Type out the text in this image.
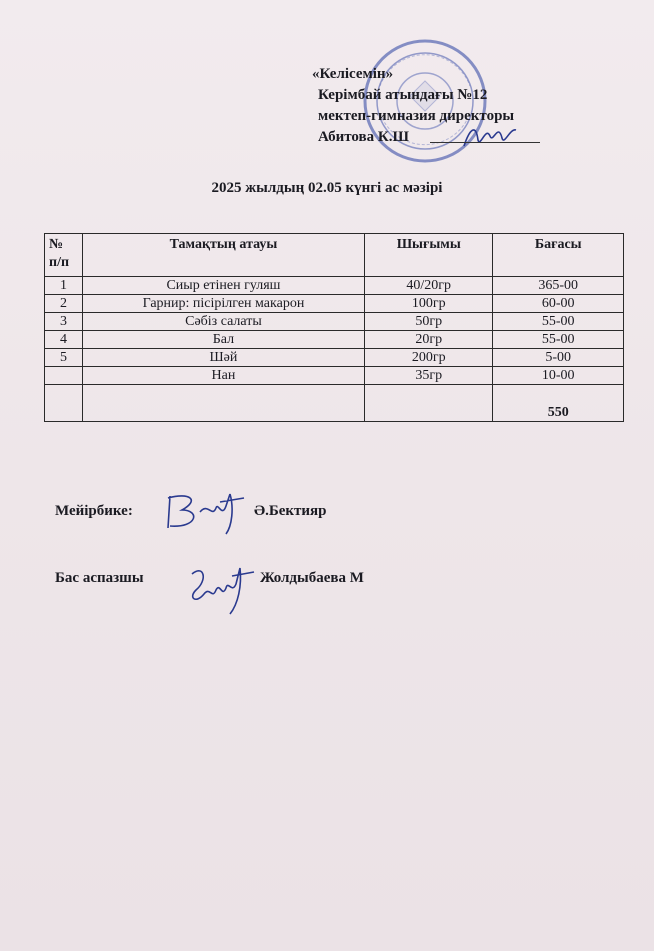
«Келісемін»
Керімбай атындағы №12
мектеп-гимназия директоры
Абитова К.Ш
2025 жылдың 02.05 күнгі ас мәзірі
№ п/п	Тамақтың атауы	Шығымы	Бағасы
1	Сиыр етінен гуляш	40/20гр	365-00
2	Гарнир: пісірілген макарон	100гр	60-00
3	Сәбіз салаты	50гр	55-00
4	Бал	20гр	55-00
5	Шәй	200гр	5-00
	Нан	35гр	10-00
			550
Мейірбике:	Ә.Бектияр
Бас аспазшы	Жолдыбаева М
